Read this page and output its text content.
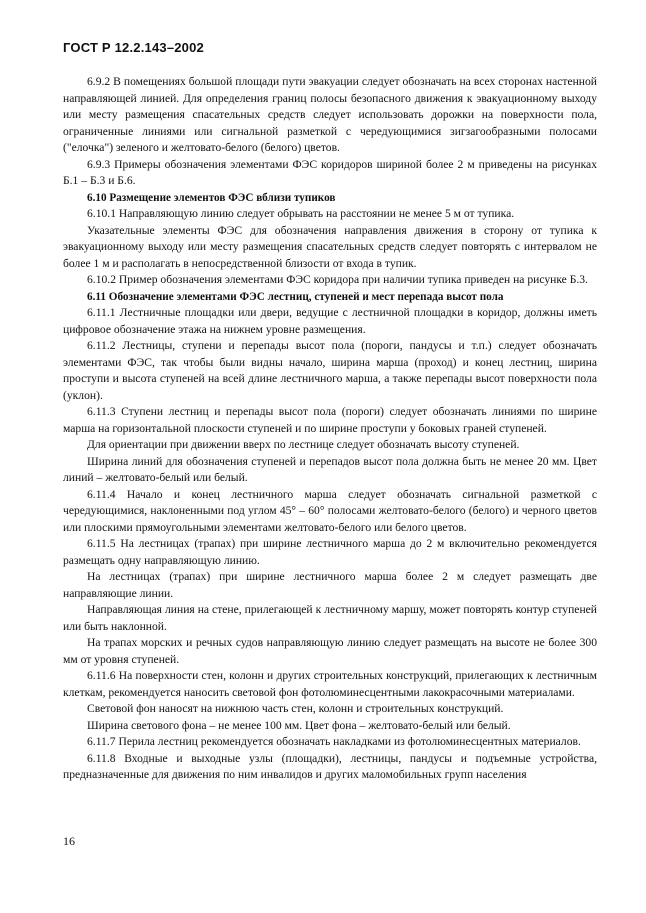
ГОСТ Р 12.2.143–2002

6.9.2 В помещениях большой площади пути эвакуации следует обозначать на всех сторонах настенной направляющей линией. Для определения границ полосы безопасного движения к эвакуационному выходу или месту размещения спасательных средств следует использовать дорожки на поверхности пола, ограниченные линиями или сигнальной разметкой с чередующимися зигзагообразными полосами ("елочка") зеленого и желтовато-белого (белого) цветов.

6.9.3 Примеры обозначения элементами ФЭС коридоров шириной более 2 м приведены на рисунках Б.1 – Б.3 и Б.6.

6.10 Размещение элементов ФЭС вблизи тупиков

6.10.1 Направляющую линию следует обрывать на расстоянии не менее 5 м от тупика.

Указательные элементы ФЭС для обозначения направления движения в сторону от тупика к эвакуационному выходу или месту размещения спасательных средств следует повторять с интервалом не более 1 м и располагать в непосредственной близости от входа в тупик.

6.10.2 Пример обозначения элементами ФЭС коридора при наличии тупика приведен на рисунке Б.3.

6.11 Обозначение элементами ФЭС лестниц, ступеней и мест перепада высот пола

6.11.1 Лестничные площадки или двери, ведущие с лестничной площадки в коридор, должны иметь цифровое обозначение этажа на нижнем уровне размещения.

6.11.2 Лестницы, ступени и перепады высот пола (пороги, пандусы и т.п.) следует обозначать элементами ФЭС, так чтобы были видны начало, ширина марша (проход) и конец лестниц, ширина проступи и высота ступеней на всей длине лестничного марша, а также перепады высот поверхности пола (уклон).

6.11.3 Ступени лестниц и перепады высот пола (пороги) следует обозначать линиями по ширине марша на горизонтальной плоскости ступеней и по ширине проступи у боковых граней ступеней.

Для ориентации при движении вверх по лестнице следует обозначать высоту ступеней.

Ширина линий для обозначения ступеней и перепадов высот пола должна быть не менее 20 мм. Цвет линий – желтовато-белый или белый.

6.11.4 Начало и конец лестничного марша следует обозначать сигнальной разметкой с чередующимися, наклоненными под углом 45° – 60° полосами желтовато-белого (белого) и черного цветов или плоскими прямоугольными элементами желтовато-белого или белого цветов.

6.11.5 На лестницах (трапах) при ширине лестничного марша до 2 м включительно рекомендуется размещать одну направляющую линию.

На лестницах (трапах) при ширине лестничного марша более 2 м следует размещать две направляющие линии.

Направляющая линия на стене, прилегающей к лестничному маршу, может повторять контур ступеней или быть наклонной.

На трапах морских и речных судов направляющую линию следует размещать на высоте не более 300 мм от уровня ступеней.

6.11.6 На поверхности стен, колонн и других строительных конструкций, прилегающих к лестничным клеткам, рекомендуется наносить световой фон фотолюминесцентными лакокрасочными материалами.

Световой фон наносят на нижнюю часть стен, колонн и строительных конструкций.

Ширина светового фона – не менее 100 мм. Цвет фона – желтовато-белый или белый.

6.11.7 Перила лестниц рекомендуется обозначать накладками из фотолюминесцентных материалов.

6.11.8 Входные и выходные узлы (площадки), лестницы, пандусы и подъемные устройства, предназначенные для движения по ним инвалидов и других маломобильных групп населения

16
